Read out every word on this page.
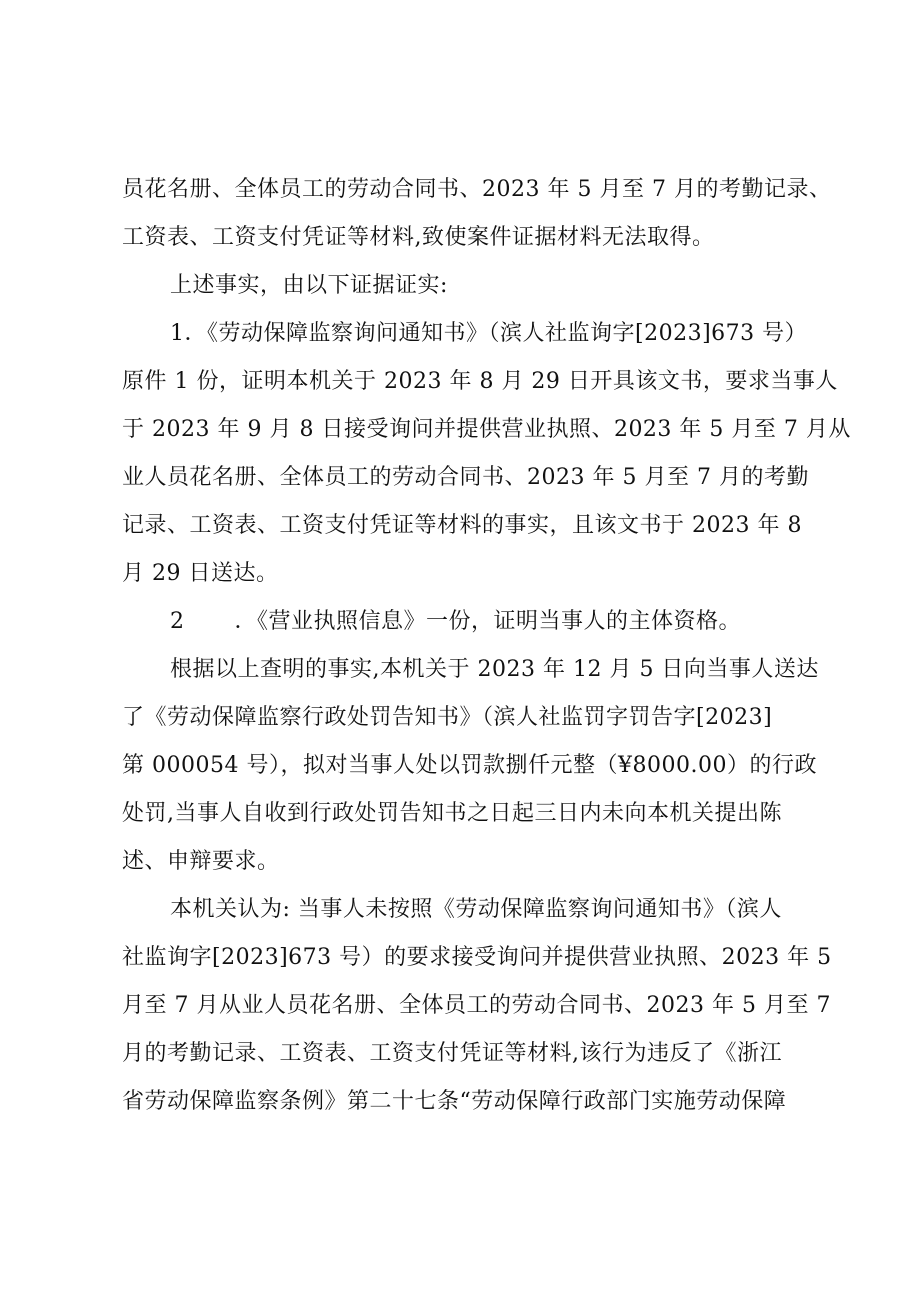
员花名册、全体员工的劳动合同书、2023 年 5 月至 7 月的考勤记录、
工资表、工资支付凭证等材料,致使案件证据材料无法取得。
上述事实，由以下证据证实:
1．《劳动保障监察询问通知书》（滨人社监询字[2023]673 号）
原件 1 份，证明本机关于 2023 年 8 月 29 日开具该文书，要求当事人
于 2023 年 9 月 8 日接受询问并提供营业执照、2023 年 5 月至 7 月从
业人员花名册、全体员工的劳动合同书、2023 年 5 月至 7 月的考勤
记录、工资表、工资支付凭证等材料的事实，且该文书于 2023 年 8
月 29 日送达。
2 ．《营业执照信息》一份，证明当事人的主体资格。
根据以上查明的事实,本机关于 2023 年 12 月 5 日向当事人送达
了《劳动保障监察行政处罚告知书》（滨人社监罚字罚告字[2023]
第 000054 号），拟对当事人处以罚款捌仟元整（¥8000.00）的行政
处罚,当事人自收到行政处罚告知书之日起三日内未向本机关提出陈
述、申辩要求。
本机关认为: 当事人未按照《劳动保障监察询问通知书》（滨人
社监询字[2023]673 号）的要求接受询问并提供营业执照、2023 年 5
月至 7 月从业人员花名册、全体员工的劳动合同书、2023 年 5 月至 7
月的考勤记录、工资表、工资支付凭证等材料,该行为违反了《浙江
省劳动保障监察条例》第二十七条“劳动保障行政部门实施劳动保障
